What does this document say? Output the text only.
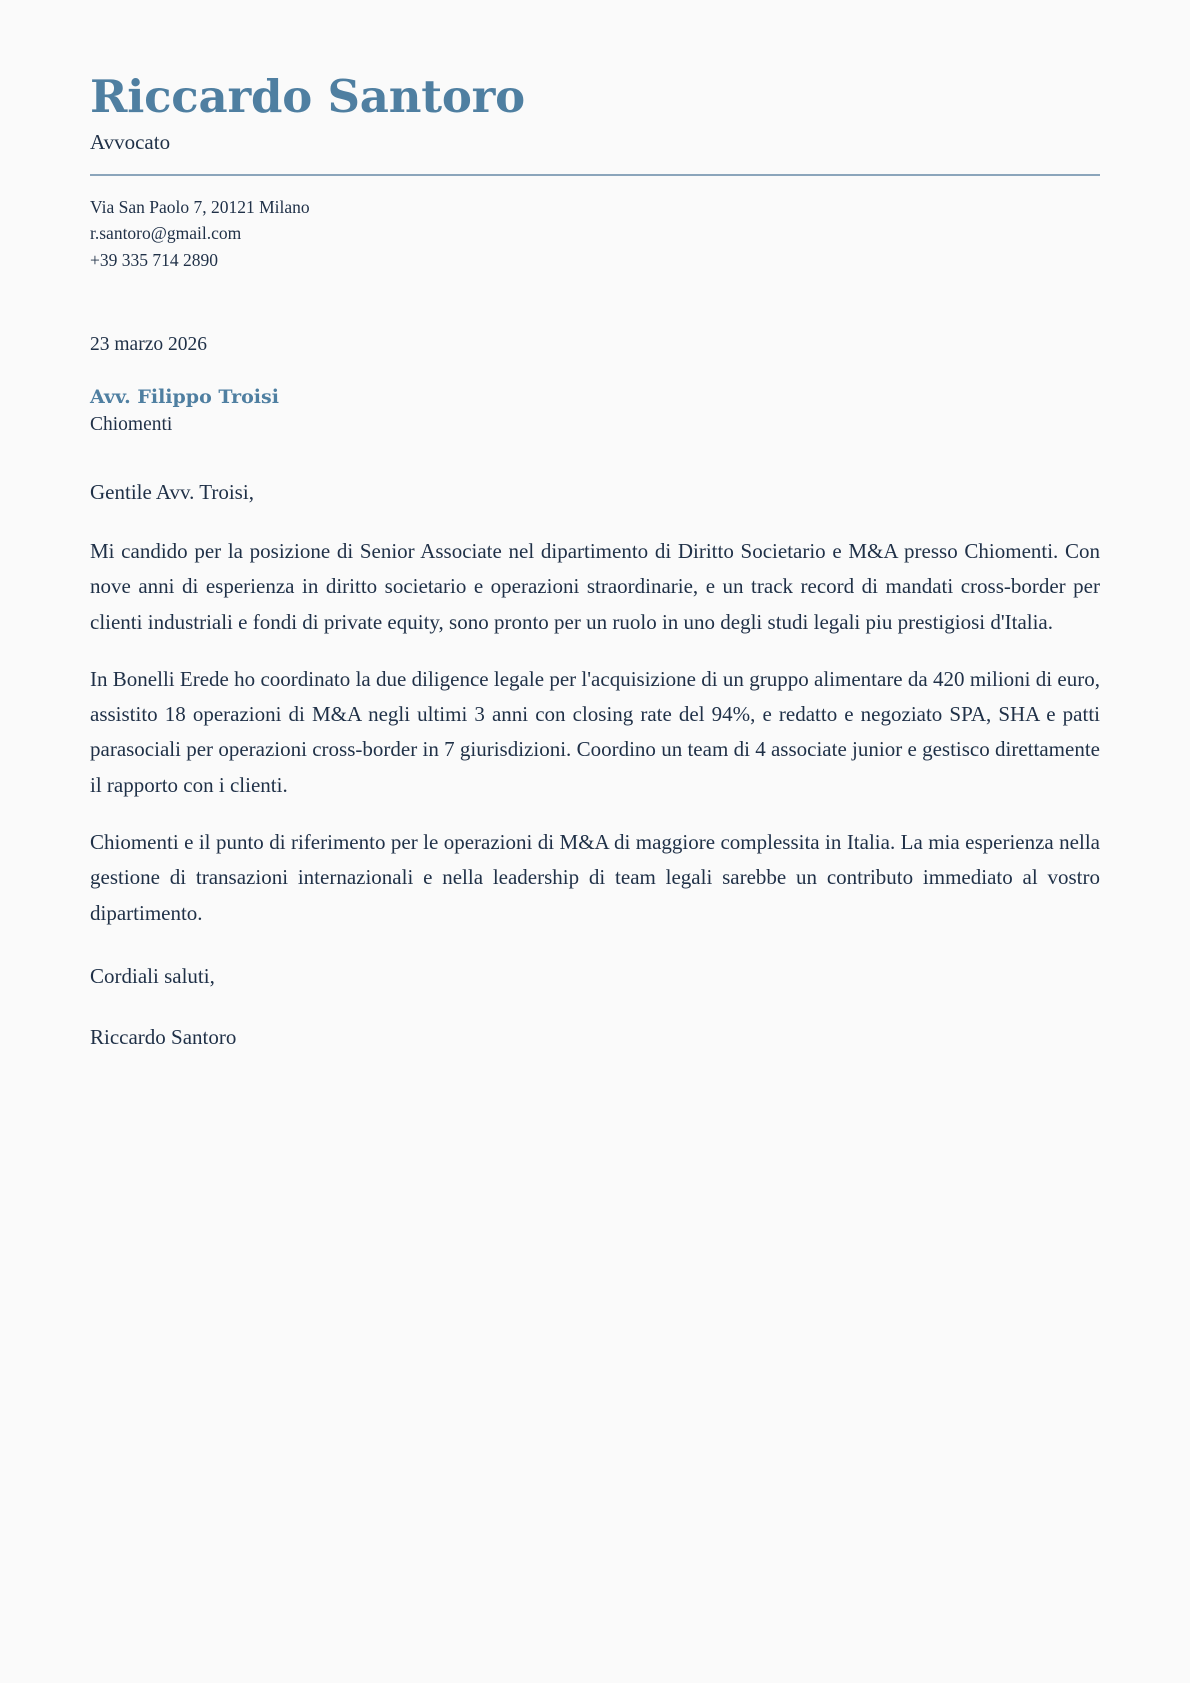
Riccardo Santoro
Avvocato
Via San Paolo 7, 20121 Milano
r.santoro@gmail.com
+39 335 714 2890
23 marzo 2026
Avv. Filippo Troisi
Chiomenti
Gentile Avv. Troisi,

Mi candido per la posizione di Senior Associate nel dipartimento di Diritto Societario e M&A presso Chiomenti. Con nove anni di esperienza in diritto societario e operazioni straordinarie, e un track record di mandati cross-border per clienti industriali e fondi di private equity, sono pronto per un ruolo in uno degli studi legali piu prestigiosi d'Italia.

In Bonelli Erede ho coordinato la due diligence legale per l'acquisizione di un gruppo alimentare da 420 milioni di euro, assistito 18 operazioni di M&A negli ultimi 3 anni con closing rate del 94%, e redatto e negoziato SPA, SHA e patti parasociali per operazioni cross-border in 7 giurisdizioni. Coordino un team di 4 associate junior e gestisco direttamente il rapporto con i clienti.

Chiomenti e il punto di riferimento per le operazioni di M&A di maggiore complessita in Italia. La mia esperienza nella gestione di transazioni internazionali e nella leadership di team legali sarebbe un contributo immediato al vostro dipartimento.

Cordiali saluti,
Riccardo Santoro
